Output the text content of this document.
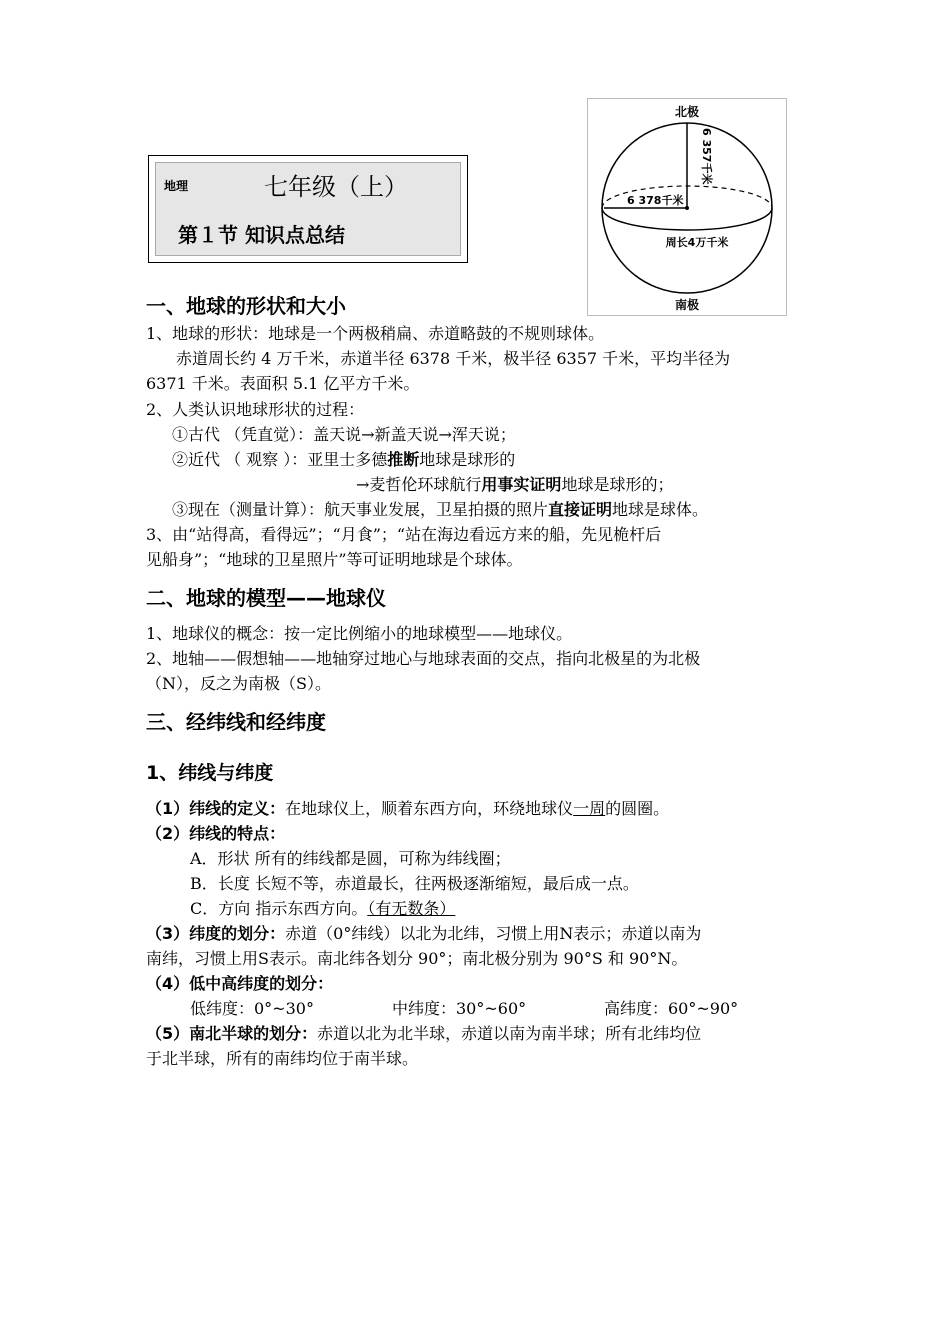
地理	七年级（上）
第１节 知识点总结
北极
南极
6 357千米
6 378千米
周长4万千米
一、地球的形状和大小
1、地球的形状：地球是一个两极稍扁、赤道略鼓的不规则球体。
赤道周长约 4 万千米，赤道半径 6378 千米，极半径 6357 千米，平均半径为
6371 千米。表面积 5.1 亿平方千米。
2、人类认识地球形状的过程：
①古代 （凭直觉）：盖天说→新盖天说→浑天说；
②近代 （ 观察 ）：亚里士多德推断地球是球形的
→麦哲伦环球航行用事实证明地球是球形的；
③现在（测量计算）：航天事业发展，卫星拍摄的照片直接证明地球是球体。
3、由“站得高，看得远”；“月食”；“站在海边看远方来的船，先见桅杆后
见船身”；“地球的卫星照片”等可证明地球是个球体。
二、地球的模型——地球仪
1、地球仪的概念：按一定比例缩小的地球模型——地球仪。
2、地轴——假想轴——地轴穿过地心与地球表面的交点，指向北极星的为北极
（N），反之为南极（S）。
三、经纬线和经纬度
1、纬线与纬度
（1）纬线的定义：在地球仪上，顺着东西方向，环绕地球仪一周的圆圈。
（2）纬线的特点：
A．形状 所有的纬线都是圆，可称为纬线圈；
B．长度 长短不等，赤道最长，往两极逐渐缩短，最后成一点。
C．方向 指示东西方向。（有无数条）
（3）纬度的划分：赤道（0°纬线）以北为北纬，习惯上用N表示；赤道以南为
南纬，习惯上用S表示。南北纬各划分 90°；南北极分别为 90°S 和 90°N。
（4）低中高纬度的划分：
低纬度：0°~30°	中纬度：30°~60°	高纬度：60°~90°
（5）南北半球的划分：赤道以北为北半球，赤道以南为南半球；所有北纬均位
于北半球，所有的南纬均位于南半球。
